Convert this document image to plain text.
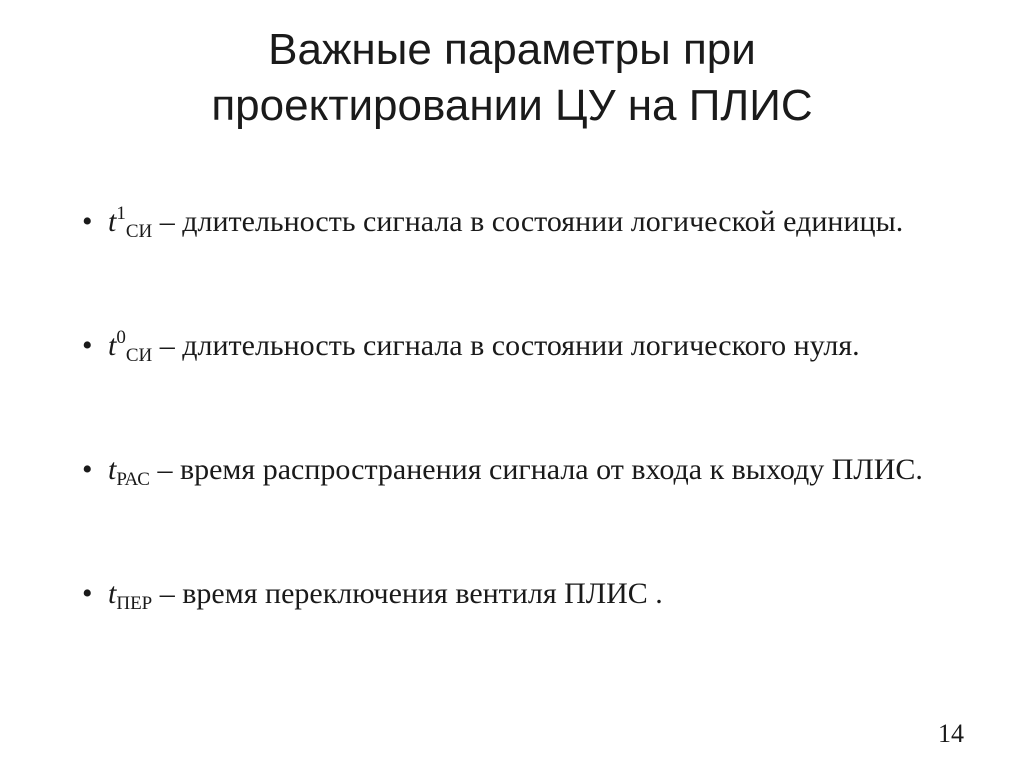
Важные параметры при
проектировании ЦУ на ПЛИС
• $t^1_{СИ}$ – длительность сигнала в состоянии логической единицы.
• $t^0_{СИ}$ – длительность сигнала в состоянии логического нуля.
• $t_{РАС}$ – время распространения сигнала от входа к выходу ПЛИС.
• $t_{ПЕР}$ – время переключения вентиля ПЛИС .
14
